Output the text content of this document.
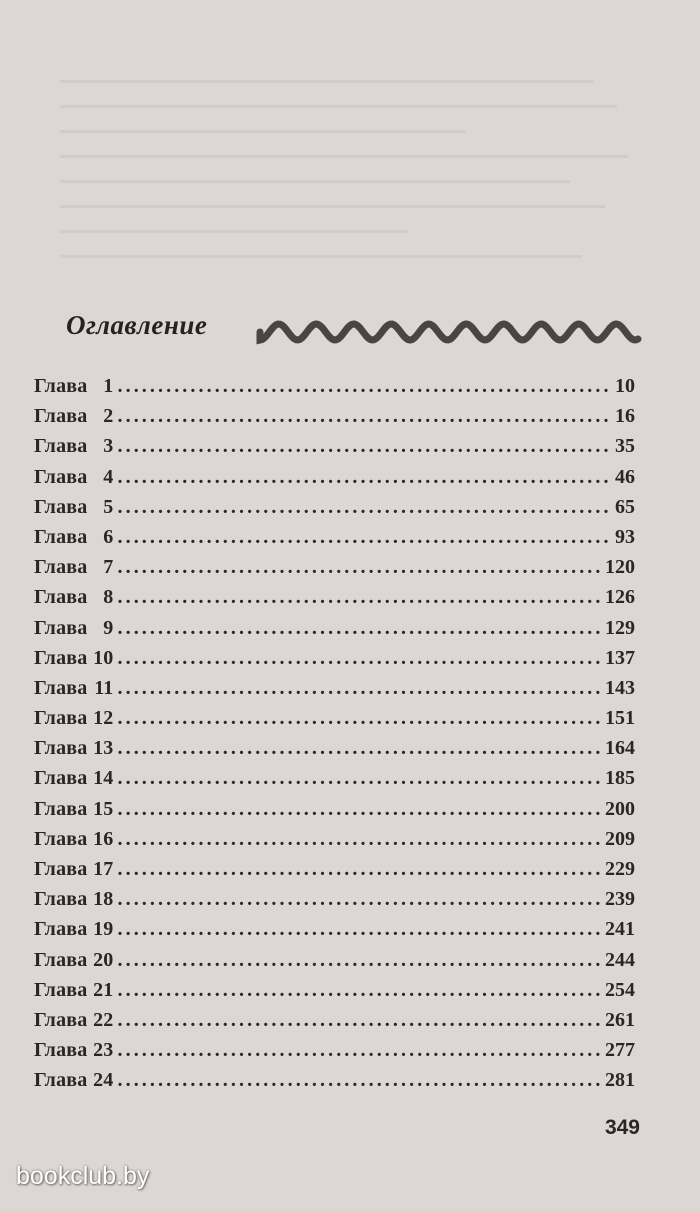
Оглавление
Глава 1 .....	10
Глава 2 .....	16
Глава 3 .....	35
Глава 4 .....	46
Глава 5 .....	65
Глава 6 .....	93
Глава 7 .....	120
Глава 8 .....	126
Глава 9 .....	129
Глава 10 .....	137
Глава 11 .....	143
Глава 12 .....	151
Глава 13 .....	164
Глава 14 .....	185
Глава 15 .....	200
Глава 16 .....	209
Глава 17 .....	229
Глава 18 .....	239
Глава 19 .....	241
Глава 20 .....	244
Глава 21 .....	254
Глава 22 .....	261
Глава 23 .....	277
Глава 24 .....	281
349
bookclub.by
